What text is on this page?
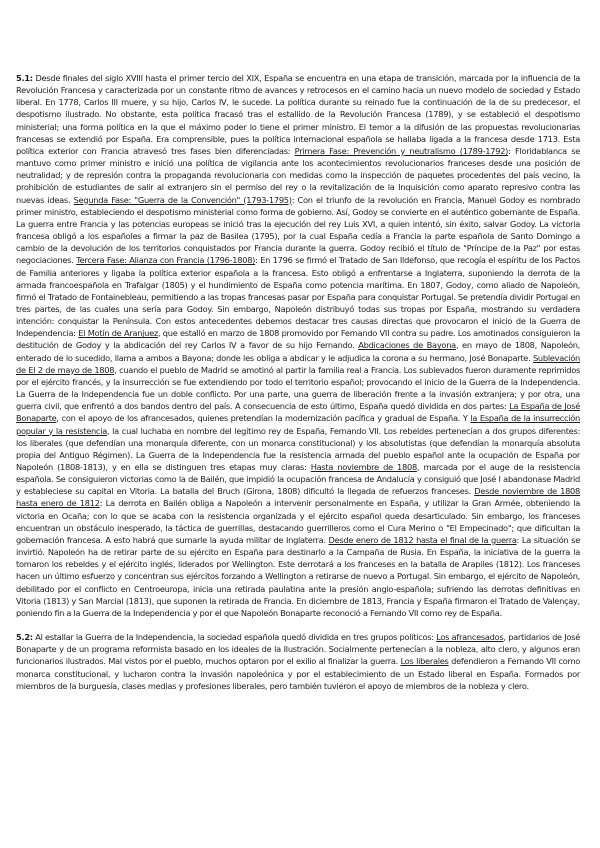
5.1: Desde finales del siglo XVIII hasta el primer tercio del XIX, España se encuentra en una etapa de transición, marcada por la influencia de la Revolución Francesa y caracterizada por un constante ritmo de avances y retrocesos en el camino hacia un nuevo modelo de sociedad y Estado liberal. En 1778, Carlos III muere, y su hijo, Carlos IV, le sucede. La política durante su reinado fue la continuación de la de su predecesor, el despotismo ilustrado. No obstante, esta política fracasó tras el estallido de la Revolución Francesa (1789), y se estableció el despotismo ministerial; una forma política en la que el máximo poder lo tiene el primer ministro. El temor a la difusión de las propuestas revolucionarias francesas se extendió por España. Era comprensible, pues la política internacional española se hallaba ligada a la francesa desde 1713. Esta política exterior con Francia atravesó tres fases bien diferenciadas: Primera Fase: Prevención y neutralismo (1789-1792): Floridablanca se mantuvo como primer ministro e inició una política de vigilancia ante los acontecimientos revolucionarios franceses desde una posición de neutralidad; y de represión contra la propaganda revolucionaria con medidas como la inspección de paquetes procedentes del país vecino, la prohibición de estudiantes de salir al extranjero sin el permiso del rey o la revitalización de la Inquisición como aparato represivo contra las nuevas ideas. Segunda Fase: "Guerra de la Convención" (1793-1795): Con el triunfo de la revolución en Francia, Manuel Godoy es nombrado primer ministro, estableciendo el despotismo ministerial como forma de gobierno. Así, Godoy se convierte en el auténtico gobernante de España. La guerra entre Francia y las potencias europeas se inició tras la ejecución del rey Luis XVI, a quien intentó, sin éxito, salvar Godoy. La victoria francesa obligó a los españoles a firmar la paz de Basilea (1795), por la cual España cedía a Francia la parte española de Santo Domingo a cambio de la devolución de los territorios conquistados por Francia durante la guerra. Godoy recibió el título de "Príncipe de la Paz" por estas negociaciones. Tercera Fase: Alianza con Francia (1796-1808): En 1796 se firmó el Tratado de San Ildefonso, que recogía el espíritu de los Pactos de Familia anteriores y ligaba la política exterior española a la francesa. Esto obligó a enfrentarse a Inglaterra, suponiendo la derrota de la armada francoespañola en Trafalgar (1805) y el hundimiento de España como potencia marítima. En 1807, Godoy, como aliado de Napoleón, firmó el Tratado de Fontainebleau, permitiendo a las tropas francesas pasar por España para conquistar Portugal. Se pretendía dividir Portugal en tres partes, de las cuales una sería para Godoy. Sin embargo, Napoleón distribuyó todas sus tropas por España, mostrando su verdadera intención: conquistar la Península. Con estos antecedentes debemos destacar tres causas directas que provocaron el inicio de la Guerra de Independencia: El Motín de Aranjuez, que estalló en marzo de 1808 promovido por Fernando VII contra su padre. Los amotinados consiguieron la destitución de Godoy y la abdicación del rey Carlos IV a favor de su hijo Fernando. Abdicaciones de Bayona, en mayo de 1808, Napoleón, enterado de lo sucedido, llama a ambos a Bayona; donde les obliga a abdicar y le adjudica la corona a su hermano, José Bonaparte. Sublevación de El 2 de mayo de 1808, cuando el pueblo de Madrid se amotinó al partir la familia real a Francia. Los sublevados fueron duramente reprimidos por el ejército francés, y la insurrección se fue extendiendo por todo el territorio español; provocando el inicio de la Guerra de la Independencia. La Guerra de la Independencia fue un doble conflicto. Por una parte, una guerra de liberación frente a la invasión extranjera; y por otra, una guerra civil, que enfrentó a dos bandos dentro del país. A consecuencia de esto último, España quedó dividida en dos partes: La España de José Bonaparte, con el apoyo de los afrancesados, quienes pretendían la modernización pacífica y gradual de España. Y la España de la insurrección popular y la resistencia, la cual luchaba en nombre del legítimo rey de España, Fernando VII. Los rebeldes pertenecían a dos grupos diferentes: los liberales (que defendían una monarquía diferente, con un monarca constitucional) y los absolutistas (que defendían la monarquía absoluta propia del Antiguo Régimen). La Guerra de la Independencia fue la resistencia armada del pueblo español ante la ocupación de España por Napoleón (1808-1813), y en ella se distinguen tres etapas muy claras: Hasta noviembre de 1808, marcada por el auge de la resistencia española. Se consiguieron victorias como la de Bailén, que impidió la ocupación francesa de Andalucía y consiguió que José I abandonase Madrid y estableciese su capital en Vitoria. La batalla del Bruch (Girona, 1808) dificultó la llegada de refuerzos franceses. Desde noviembre de 1808 hasta enero de 1812: La derrota en Bailén obliga a Napoleón a intervenir personalmente en España, y utilizar la Gran Armée, obteniendo la victoria en Ocaña; con lo que se acaba con la resistencia organizada y el ejército español queda desarticulado. Sin embargo, los franceses encuentran un obstáculo inesperado, la táctica de guerrillas, destacando guerrilleros como el Cura Merino o "El Empecinado"; que dificultan la gobernación francesa. A esto habrá que sumarle la ayuda militar de Inglaterra. Desde enero de 1812 hasta el final de la guerra: La situación se invirtió. Napoleón ha de retirar parte de su ejército en España para destinarlo a la Campaña de Rusia. En España, la iniciativa de la guerra la tomaron los rebeldes y el ejército inglés, liderados por Wellington. Este derrotará a los franceses en la batalla de Arapiles (1812). Los franceses hacen un último esfuerzo y concentran sus ejércitos forzando a Wellington a retirarse de nuevo a Portugal. Sin embargo, el ejército de Napoleón, debilitado por el conflicto en Centroeuropa, inicia una retirada paulatina ante la presión anglo-española; sufriendo las derrotas definitivas en Vitoria (1813) y San Marcial (1813), que suponen la retirada de Francia. En diciembre de 1813, Francia y España firmaron el Tratado de Valençay, poniendo fin a la Guerra de la Independencia y por el que Napoleón Bonaparte reconoció a Fernando VII como rey de España.

5.2: Al estallar la Guerra de la Independencia, la sociedad española quedó dividida en tres grupos políticos: Los afrancesados, partidarios de José Bonaparte y de un programa reformista basado en los ideales de la Ilustración. Socialmente pertenecían a la nobleza, alto clero, y algunos eran funcionarios ilustrados. Mal vistos por el pueblo, muchos optaron por el exilio al finalizar la guerra. Los liberales defendieron a Fernando VII como monarca constitucional, y lucharon contra la invasión napoleónica y por el establecimiento de un Estado liberal en España. Formados por miembros de la burguesía, clases medias y profesiones liberales, pero también tuvieron el apoyo de miembros de la nobleza y clero.
